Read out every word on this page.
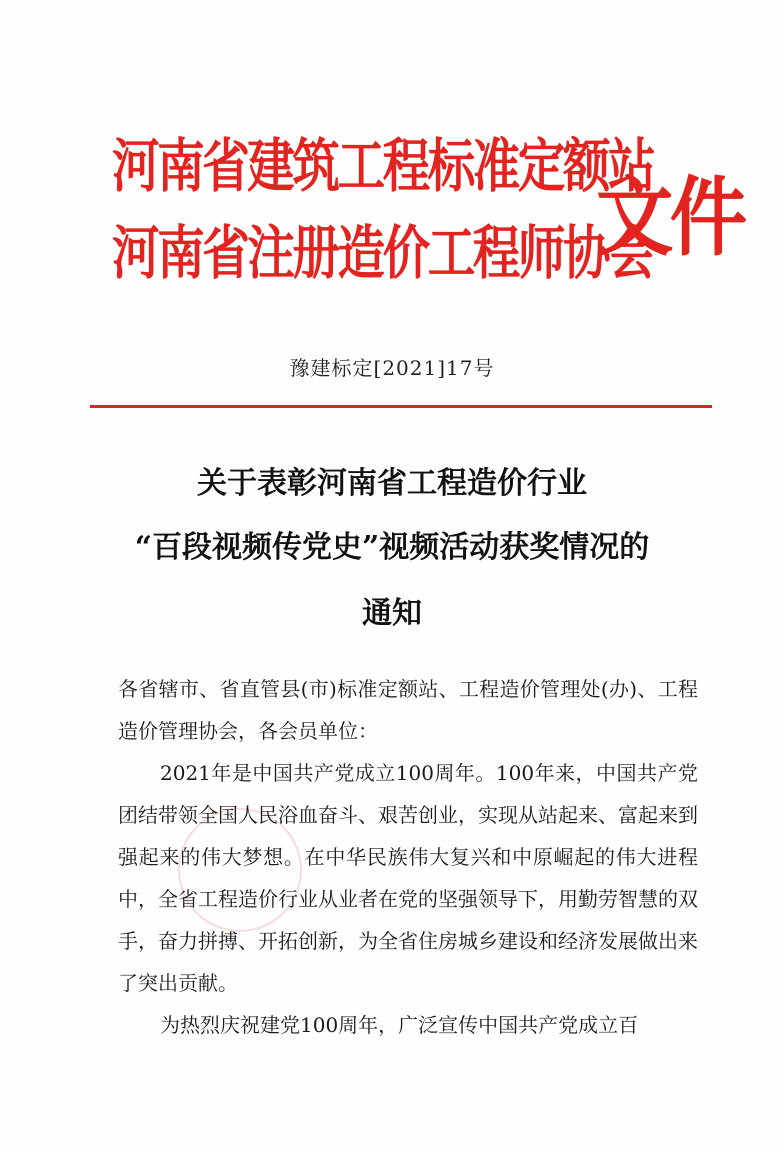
河南省建筑工程标准定额站
河南省注册造价工程师协会
文件
豫建标定[2021]17号
关于表彰河南省工程造价行业
“百段视频传党史”视频活动获奖情况的
通知

各省辖市、省直管县(市)标准定额站、工程造价管理处(办)、工程造价管理协会，各会员单位：

2021年是中国共产党成立100周年。100年来，中国共产党团结带领全国人民浴血奋斗、艰苦创业，实现从站起来、富起来到强起来的伟大梦想。在中华民族伟大复兴和中原崛起的伟大进程中，全省工程造价行业从业者在党的坚强领导下，用勤劳智慧的双手，奋力拼搏、开拓创新，为全省住房城乡建设和经济发展做出来了突出贡献。

为热烈庆祝建党100周年，广泛宣传中国共产党成立百
